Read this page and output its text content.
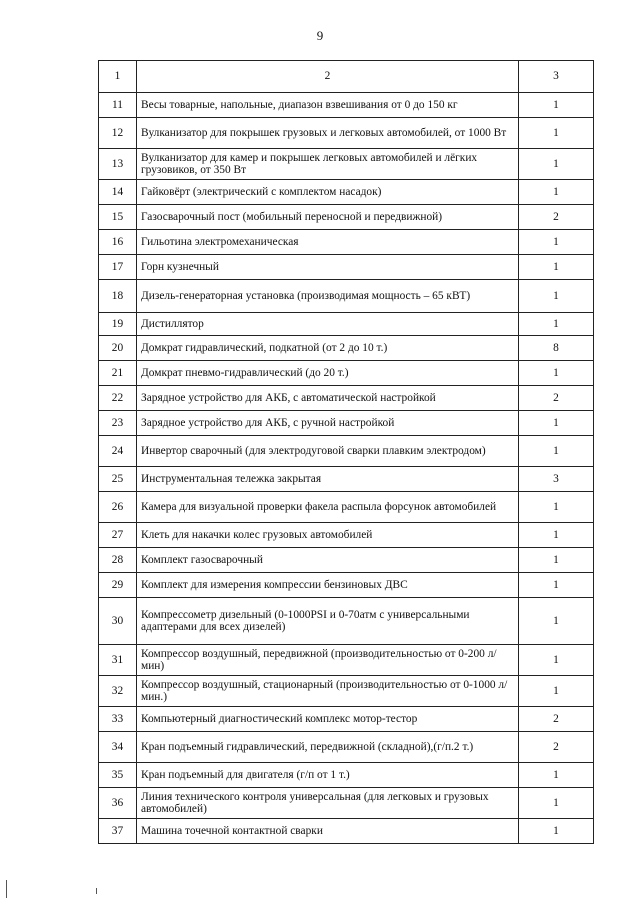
9
1	2	3
11	Весы товарные, напольные, диапазон взвешивания от 0 до 150 кг	1
12	Вулканизатор для покрышек грузовых и легковых автомобилей, от 1000 Вт	1
13	Вулканизатор для камер и покрышек легковых автомобилей и лёгких грузовиков, от 350 Вт	1
14	Гайковёрт (электрический с комплектом насадок)	1
15	Газосварочный пост (мобильный переносной и передвижной)	2
16	Гильотина электромеханическая	1
17	Горн кузнечный	1
18	Дизель-генераторная установка (производимая мощность – 65 кВТ)	1
19	Дистиллятор	1
20	Домкрат гидравлический, подкатной (от 2 до 10 т.)	8
21	Домкрат пневмо-гидравлический (до 20 т.)	1
22	Зарядное устройство для АКБ, с автоматической настройкой	2
23	Зарядное устройство для АКБ, с ручной настройкой	1
24	Инвертор сварочный (для электродуговой сварки плавким электродом)	1
25	Инструментальная тележка закрытая	3
26	Камера для визуальной проверки факела распыла форсунок автомобилей	1
27	Клеть для накачки колес грузовых автомобилей	1
28	Комплект газосварочный	1
29	Комплект для измерения компрессии бензиновых ДВС	1
30	Компрессометр дизельный (0-1000PSI и 0-70атм с универсальными адаптерами для всех дизелей)	1
31	Компрессор воздушный, передвижной (производительностью от 0-200 л/мин)	1
32	Компрессор воздушный, стационарный (производительностью от 0-1000 л/мин.)	1
33	Компьютерный диагностический комплекс мотор-тестор	2
34	Кран подъемный гидравлический, передвижной (складной),(г/п.2 т.)	2
35	Кран подъемный для двигателя (г/п от 1 т.)	1
36	Линия технического контроля универсальная (для легковых и грузовых автомобилей)	1
37	Машина точечной контактной сварки	1
